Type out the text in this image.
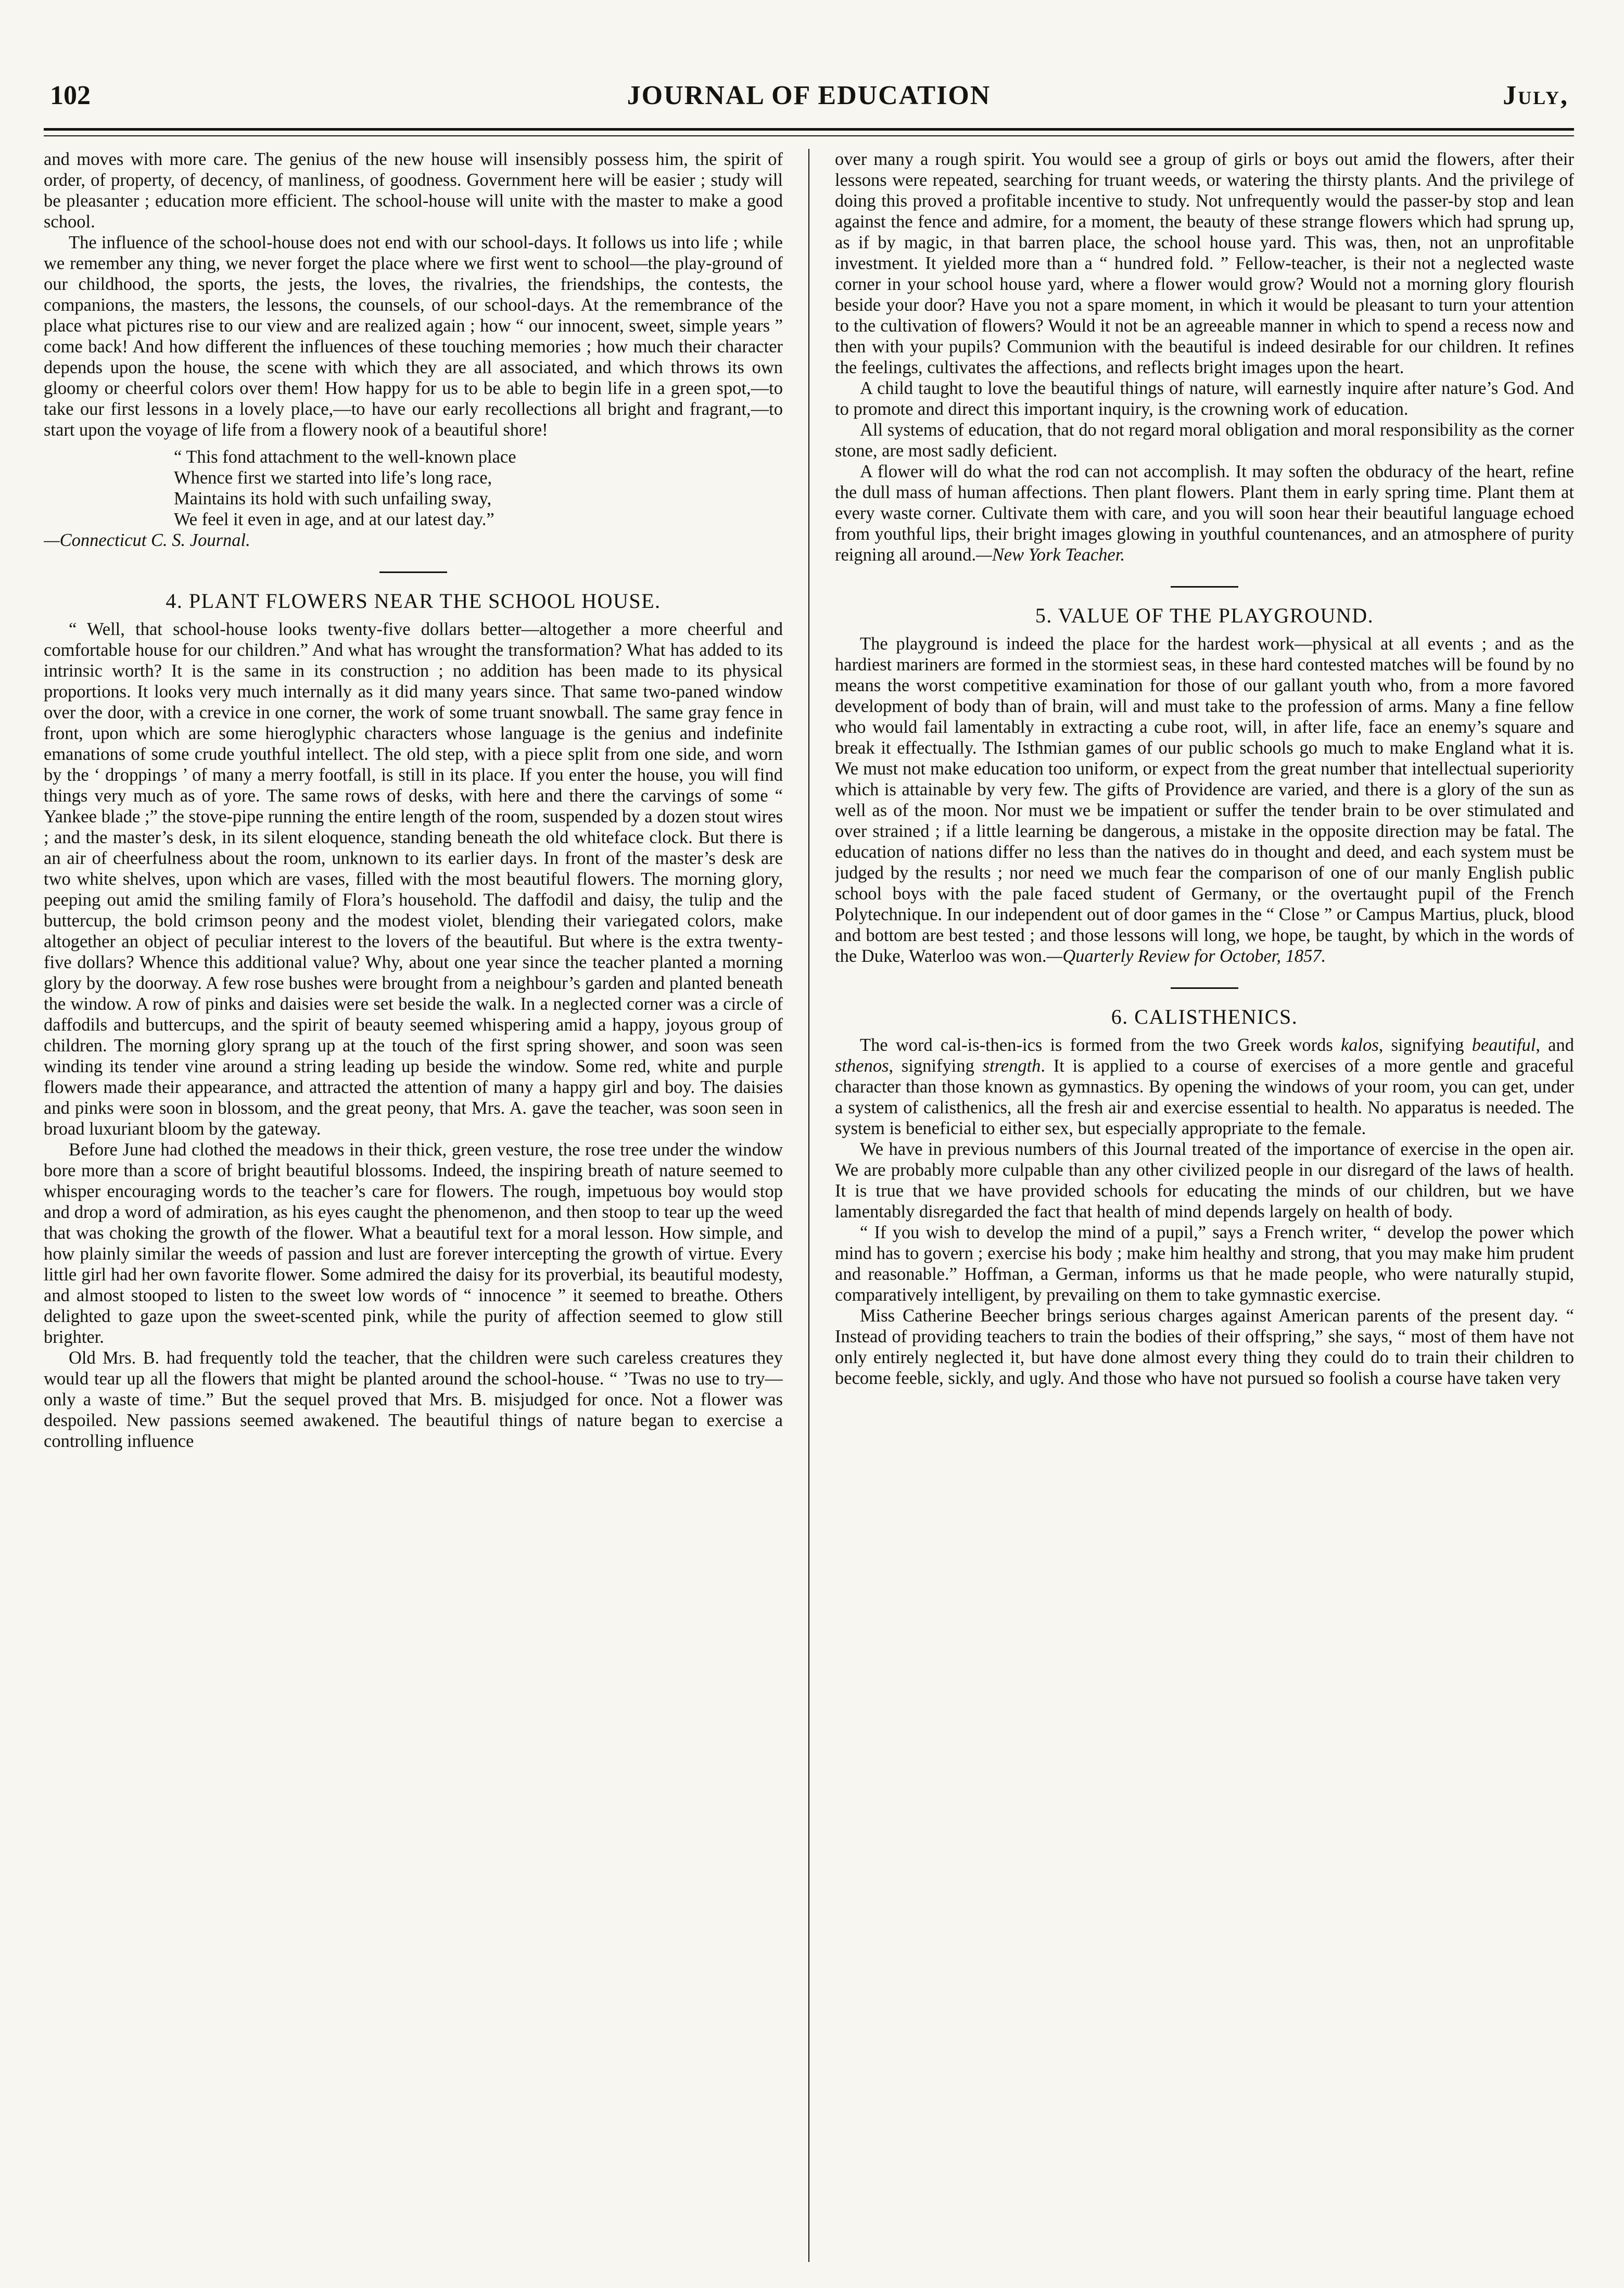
102	JOURNAL OF EDUCATION	July,

and moves with more care. The genius of the new house will insensibly possess him, the spirit of order, of property, of decency, of manliness, of goodness. Government here will be easier ; study will be pleasanter ; education more efficient. The school-house will unite with the master to make a good school.

The influence of the school-house does not end with our school-days. It follows us into life ; while we remember any thing, we never forget the place where we first went to school—the play-ground of our childhood, the sports, the jests, the loves, the rivalries, the friendships, the contests, the companions, the masters, the lessons, the counsels, of our school-days. At the remembrance of the place what pictures rise to our view and are realized again ; how “ our innocent, sweet, simple years ” come back! And how different the influences of these touching memories ; how much their character depends upon the house, the scene with which they are all associated, and which throws its own gloomy or cheerful colors over them! How happy for us to be able to begin life in a green spot,—to take our first lessons in a lovely place,—to have our early recollections all bright and fragrant,—to start upon the voyage of life from a flowery nook of a beautiful shore!

“ This fond attachment to the well-known place
Whence first we started into life’s long race,
Maintains its hold with such unfailing sway,
We feel it even in age, and at our latest day.”

—Connecticut C. S. Journal.

4. PLANT FLOWERS NEAR THE SCHOOL HOUSE.

“ Well, that school-house looks twenty-five dollars better—altogether a more cheerful and comfortable house for our children.” And what has wrought the transformation? What has added to its intrinsic worth? It is the same in its construction ; no addition has been made to its physical proportions. It looks very much internally as it did many years since. That same two-paned window over the door, with a crevice in one corner, the work of some truant snowball. The same gray fence in front, upon which are some hieroglyphic characters whose language is the genius and indefinite emanations of some crude youthful intellect. The old step, with a piece split from one side, and worn by the ‘ droppings ’ of many a merry footfall, is still in its place. If you enter the house, you will find things very much as of yore. The same rows of desks, with here and there the carvings of some “ Yankee blade ;” the stove-pipe running the entire length of the room, suspended by a dozen stout wires ; and the master’s desk, in its silent eloquence, standing beneath the old whiteface clock. But there is an air of cheerfulness about the room, unknown to its earlier days. In front of the master’s desk are two white shelves, upon which are vases, filled with the most beautiful flowers. The morning glory, peeping out amid the smiling family of Flora’s household. The daffodil and daisy, the tulip and the buttercup, the bold crimson peony and the modest violet, blending their variegated colors, make altogether an object of peculiar interest to the lovers of the beautiful. But where is the extra twenty-five dollars? Whence this additional value? Why, about one year since the teacher planted a morning glory by the doorway. A few rose bushes were brought from a neighbour’s garden and planted beneath the window. A row of pinks and daisies were set beside the walk. In a neglected corner was a circle of daffodils and buttercups, and the spirit of beauty seemed whispering amid a happy, joyous group of children. The morning glory sprang up at the touch of the first spring shower, and soon was seen winding its tender vine around a string leading up beside the window. Some red, white and purple flowers made their appearance, and attracted the attention of many a happy girl and boy. The daisies and pinks were soon in blossom, and the great peony, that Mrs. A. gave the teacher, was soon seen in broad luxuriant bloom by the gateway.

Before June had clothed the meadows in their thick, green vesture, the rose tree under the window bore more than a score of bright beautiful blossoms. Indeed, the inspiring breath of nature seemed to whisper encouraging words to the teacher’s care for flowers. The rough, impetuous boy would stop and drop a word of admiration, as his eyes caught the phenomenon, and then stoop to tear up the weed that was choking the growth of the flower. What a beautiful text for a moral lesson. How simple, and how plainly similar the weeds of passion and lust are forever intercepting the growth of virtue. Every little girl had her own favorite flower. Some admired the daisy for its proverbial, its beautiful modesty, and almost stooped to listen to the sweet low words of “ innocence ” it seemed to breathe. Others delighted to gaze upon the sweet-scented pink, while the purity of affection seemed to glow still brighter.

Old Mrs. B. had frequently told the teacher, that the children were such careless creatures they would tear up all the flowers that might be planted around the school-house. “ ’Twas no use to try—only a waste of time.” But the sequel proved that Mrs. B. misjudged for once. Not a flower was despoiled. New passions seemed awakened. The beautiful things of nature began to exercise a controlling influence

over many a rough spirit. You would see a group of girls or boys out amid the flowers, after their lessons were repeated, searching for truant weeds, or watering the thirsty plants. And the privilege of doing this proved a profitable incentive to study. Not unfrequently would the passer-by stop and lean against the fence and admire, for a moment, the beauty of these strange flowers which had sprung up, as if by magic, in that barren place, the school house yard. This was, then, not an unprofitable investment. It yielded more than a “ hundred fold. ” Fellow-teacher, is their not a neglected waste corner in your school house yard, where a flower would grow? Would not a morning glory flourish beside your door? Have you not a spare moment, in which it would be pleasant to turn your attention to the cultivation of flowers? Would it not be an agreeable manner in which to spend a recess now and then with your pupils? Communion with the beautiful is indeed desirable for our children. It refines the feelings, cultivates the affections, and reflects bright images upon the heart.

A child taught to love the beautiful things of nature, will earnestly inquire after nature’s God. And to promote and direct this important inquiry, is the crowning work of education.

All systems of education, that do not regard moral obligation and moral responsibility as the corner stone, are most sadly deficient.

A flower will do what the rod can not accomplish. It may soften the obduracy of the heart, refine the dull mass of human affections. Then plant flowers. Plant them in early spring time. Plant them at every waste corner. Cultivate them with care, and you will soon hear their beautiful language echoed from youthful lips, their bright images glowing in youthful countenances, and an atmosphere of purity reigning all around.—New York Teacher.

5. VALUE OF THE PLAYGROUND.

The playground is indeed the place for the hardest work—physical at all events ; and as the hardiest mariners are formed in the stormiest seas, in these hard contested matches will be found by no means the worst competitive examination for those of our gallant youth who, from a more favored development of body than of brain, will and must take to the profession of arms. Many a fine fellow who would fail lamentably in extracting a cube root, will, in after life, face an enemy’s square and break it effectually. The Isthmian games of our public schools go much to make England what it is. We must not make education too uniform, or expect from the great number that intellectual superiority which is attainable by very few. The gifts of Providence are varied, and there is a glory of the sun as well as of the moon. Nor must we be impatient or suffer the tender brain to be over stimulated and over strained ; if a little learning be dangerous, a mistake in the opposite direction may be fatal. The education of nations differ no less than the natives do in thought and deed, and each system must be judged by the results ; nor need we much fear the comparison of one of our manly English public school boys with the pale faced student of Germany, or the overtaught pupil of the French Polytechnique. In our independent out of door games in the “ Close ” or Campus Martius, pluck, blood and bottom are best tested ; and those lessons will long, we hope, be taught, by which in the words of the Duke, Waterloo was won.—Quarterly Review for October, 1857.

6. CALISTHENICS.

The word cal-is-then-ics is formed from the two Greek words kalos, signifying beautiful, and sthenos, signifying strength. It is applied to a course of exercises of a more gentle and graceful character than those known as gymnastics. By opening the windows of your room, you can get, under a system of calisthenics, all the fresh air and exercise essential to health. No apparatus is needed. The system is beneficial to either sex, but especially appropriate to the female.

We have in previous numbers of this Journal treated of the importance of exercise in the open air. We are probably more culpable than any other civilized people in our disregard of the laws of health. It is true that we have provided schools for educating the minds of our children, but we have lamentably disregarded the fact that health of mind depends largely on health of body.

“ If you wish to develop the mind of a pupil,” says a French writer, “ develop the power which mind has to govern ; exercise his body ; make him healthy and strong, that you may make him prudent and reasonable.” Hoffman, a German, informs us that he made people, who were naturally stupid, comparatively intelligent, by prevailing on them to take gymnastic exercise.

Miss Catherine Beecher brings serious charges against American parents of the present day. “ Instead of providing teachers to train the bodies of their offspring,” she says, “ most of them have not only entirely neglected it, but have done almost every thing they could do to train their children to become feeble, sickly, and ugly. And those who have not pursued so foolish a course have taken very
